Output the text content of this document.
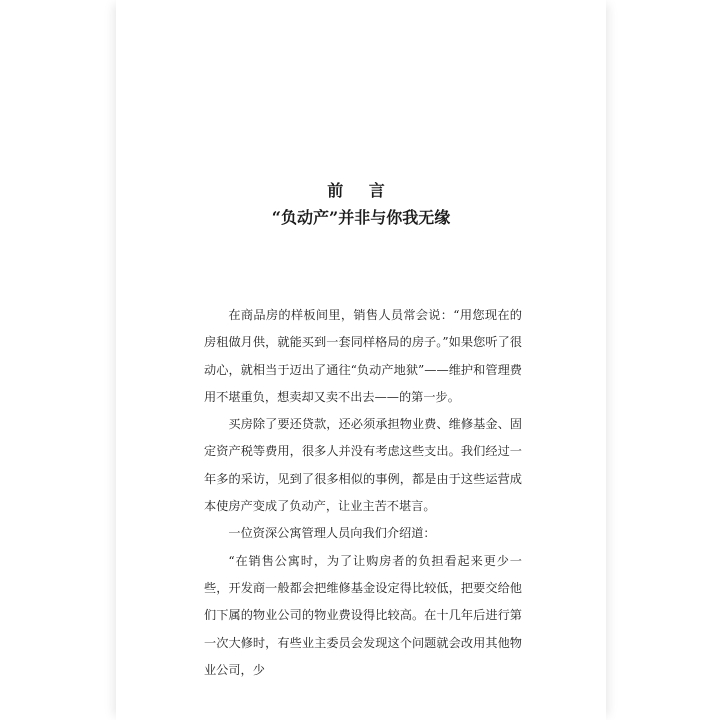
前 言
“负动产”并非与你我无缘

在商品房的样板间里，销售人员常会说：“用您现在的房租做月供，就能买到一套同样格局的房子。”如果您听了很动心，就相当于迈出了通往“负动产地狱”——维护和管理费用不堪重负，想卖却又卖不出去——的第一步。

买房除了要还贷款，还必须承担物业费、维修基金、固定资产税等费用，很多人并没有考虑这些支出。我们经过一年多的采访，见到了很多相似的事例，都是由于这些运营成本使房产变成了负动产，让业主苦不堪言。

一位资深公寓管理人员向我们介绍道：

“在销售公寓时，为了让购房者的负担看起来更少一些，开发商一般都会把维修基金设定得比较低，把要交给他们下属的物业公司的物业费设得比较高。在十几年后进行第一次大修时，有些业主委员会发现这个问题就会改用其他物业公司，少
